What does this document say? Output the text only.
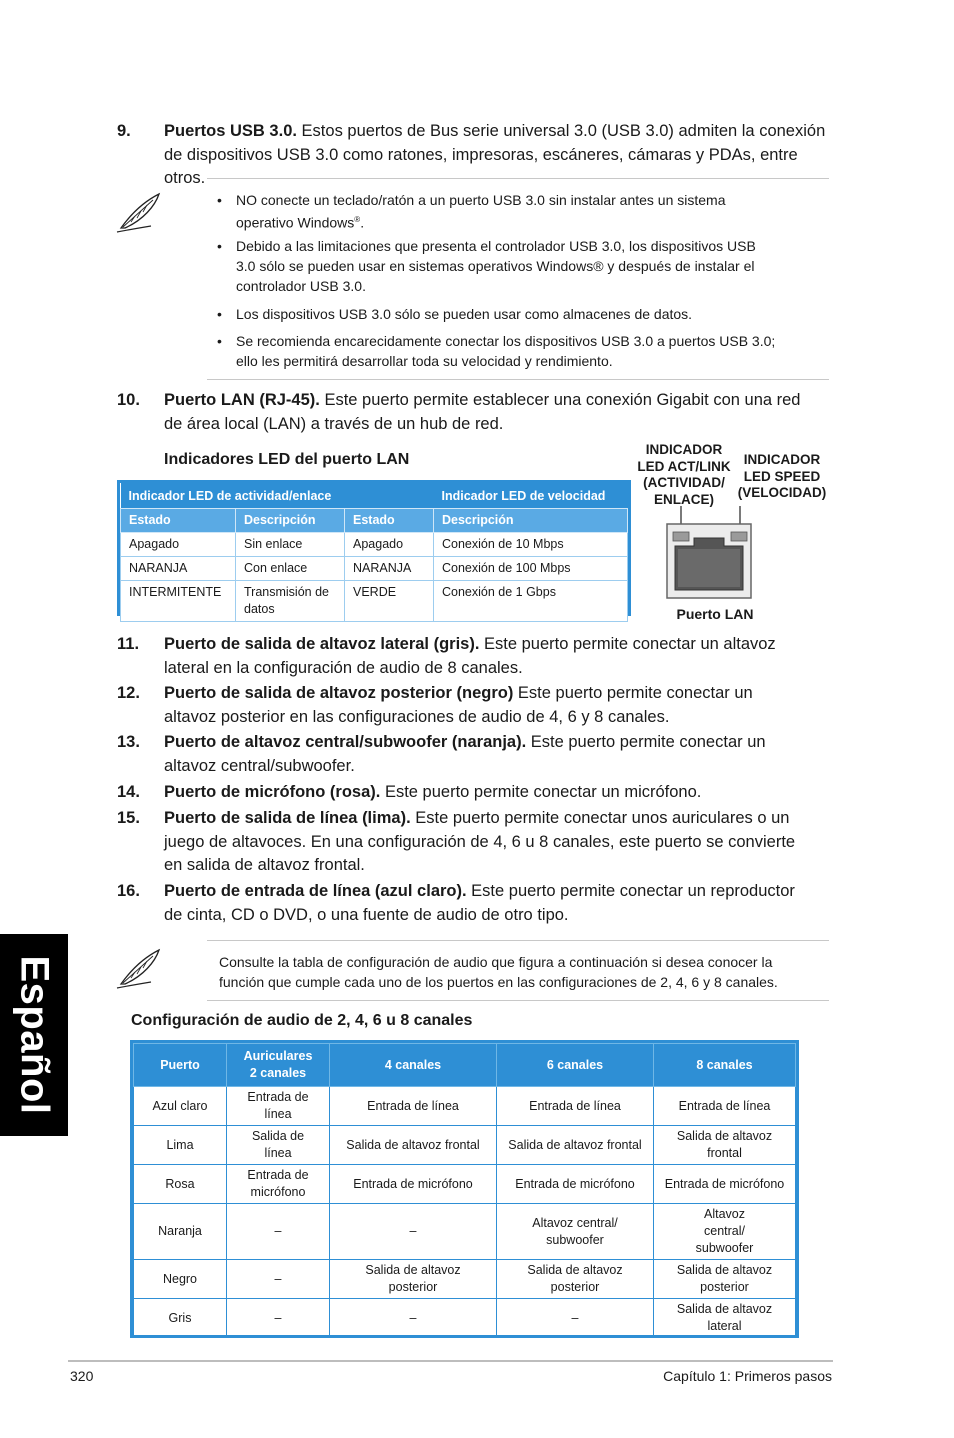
Español
9. Puertos USB 3.0. Estos puertos de Bus serie universal 3.0 (USB 3.0) admiten la conexión
de dispositivos USB 3.0 como ratones, impresoras, escáneres, cámaras y PDAs, entre otros.
• NO conecte un teclado/ratón a un puerto USB 3.0 sin instalar antes un sistema
operativo Windows®.
• Debido a las limitaciones que presenta el controlador USB 3.0, los dispositivos USB
3.0 sólo se pueden usar en sistemas operativos Windows® y después de instalar el
controlador USB 3.0.
• Los dispositivos USB 3.0 sólo se pueden usar como almacenes de datos.
• Se recomienda encarecidamente conectar los dispositivos USB 3.0 a puertos USB 3.0;
ello les permitirá desarrollar toda su velocidad y rendimiento.
10. Puerto LAN (RJ-45). Este puerto permite establecer una conexión Gigabit con una red
de área local (LAN) a través de un hub de red.
Indicadores LED del puerto LAN
Indicador LED de actividad/enlace			Indicador LED de velocidad
Estado	Descripción	Estado	Descripción
Apagado	Sin enlace	Apagado	Conexión de 10 Mbps
NARANJA	Con enlace	NARANJA	Conexión de 100 Mbps
INTERMITENTE	Transmisión de datos	VERDE	Conexión de 1 Gbps
INDICADOR
LED ACT/LINK
(ACTIVIDAD/
ENLACE)
INDICADOR
LED SPEED
(VELOCIDAD)
Puerto LAN
11. Puerto de salida de altavoz lateral (gris). Este puerto permite conectar un altavoz
lateral en la configuración de audio de 8 canales.
12. Puerto de salida de altavoz posterior (negro) Este puerto permite conectar un
altavoz posterior en las configuraciones de audio de 4, 6 y 8 canales.
13. Puerto de altavoz central/subwoofer (naranja). Este puerto permite conectar un
altavoz central/subwoofer.
14. Puerto de micrófono (rosa). Este puerto permite conectar un micrófono.
15. Puerto de salida de línea (lima). Este puerto permite conectar unos auriculares o un
juego de altavoces. En una configuración de 4, 6 u 8 canales, este puerto se convierte
en salida de altavoz frontal.
16. Puerto de entrada de línea (azul claro). Este puerto permite conectar un reproductor
de cinta, CD o DVD, o una fuente de audio de otro tipo.
Consulte la tabla de configuración de audio que figura a continuación si desea conocer la
función que cumple cada uno de los puertos en las configuraciones de 2, 4, 6 y 8 canales.
Configuración de audio de 2, 4, 6 u 8 canales
Puerto	Auriculares 2 canales	4 canales	6 canales	8 canales
Azul claro	Entrada de línea	Entrada de línea	Entrada de línea	Entrada de línea
Lima	Salida de línea	Salida de altavoz frontal	Salida de altavoz frontal	Salida de altavoz frontal
Rosa	Entrada de micrófono	Entrada de micrófono	Entrada de micrófono	Entrada de micrófono
Naranja	–	–	Altavoz central/ subwoofer	Altavoz central/ subwoofer
Negro	–	Salida de altavoz posterior	Salida de altavoz posterior	Salida de altavoz posterior
Gris	–	–	–	Salida de altavoz lateral
320	Capítulo 1: Primeros pasos
